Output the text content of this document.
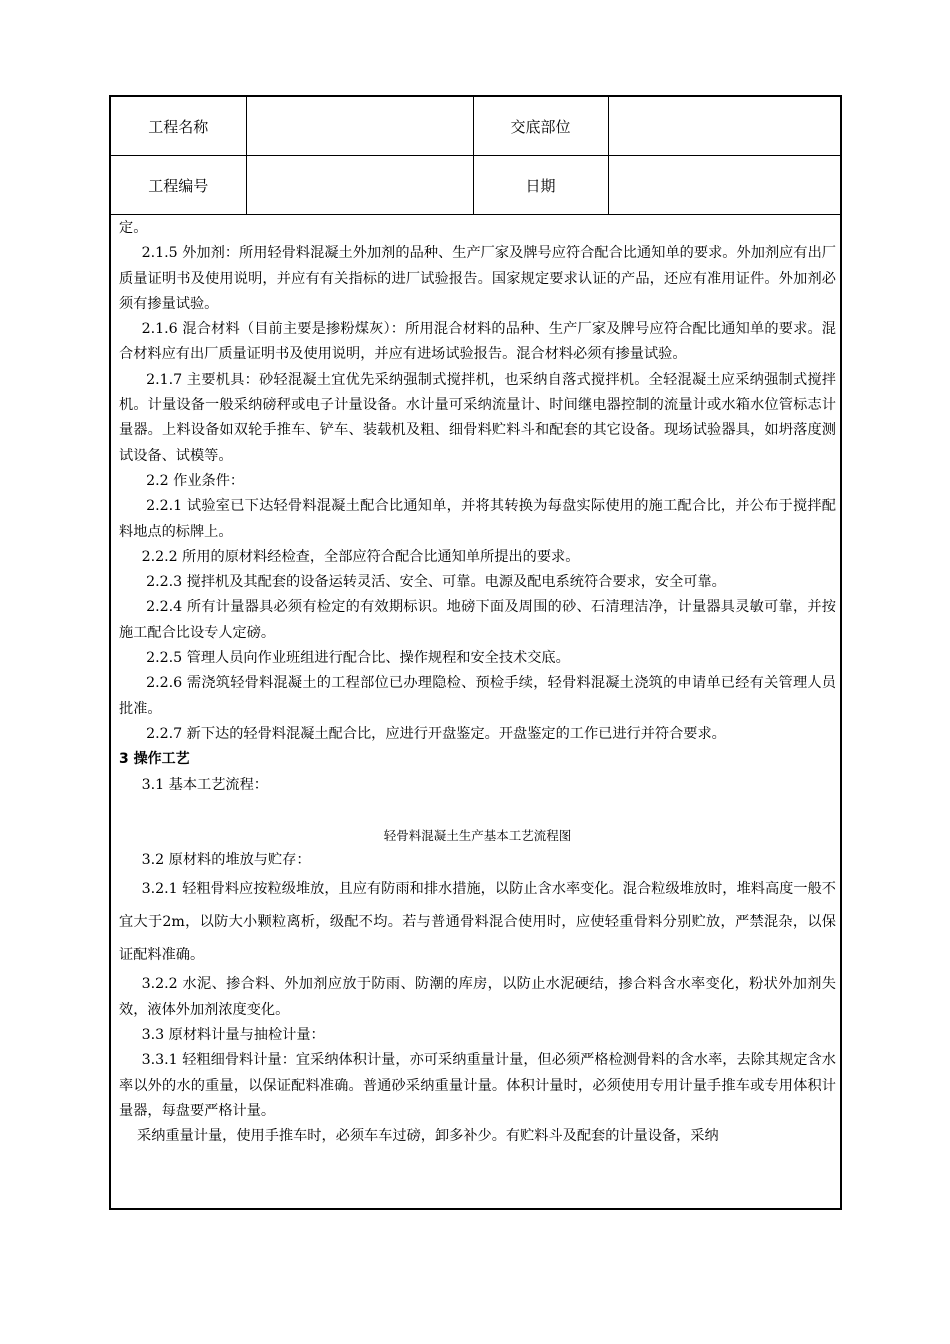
工程名称		交底部位	
工程编号		日期	

定。

2.1.5 外加剂：所用轻骨料混凝土外加剂的品种、生产厂家及牌号应符合配合比通知单的要求。外加剂应有出厂质量证明书及使用说明，并应有有关指标的进厂试验报告。国家规定要求认证的产品，还应有准用证件。外加剂必须有掺量试验。

2.1.6 混合材料（目前主要是掺粉煤灰）：所用混合材料的品种、生产厂家及牌号应符合配比通知单的要求。混合材料应有出厂质量证明书及使用说明，并应有进场试验报告。混合材料必须有掺量试验。

2.1.7 主要机具：砂轻混凝土宜优先采纳强制式搅拌机，也采纳自落式搅拌机。全轻混凝土应采纳强制式搅拌机。计量设备一般采纳磅秤或电子计量设备。水计量可采纳流量计、时间继电器控制的流量计或水箱水位管标志计量器。上料设备如双轮手推车、铲车、装载机及粗、细骨料贮料斗和配套的其它设备。现场试验器具，如坍落度测试设备、试模等。

2.2 作业条件：

2.2.1 试验室已下达轻骨料混凝土配合比通知单，并将其转换为每盘实际使用的施工配合比，并公布于搅拌配料地点的标牌上。

2.2.2 所用的原材料经检查，全部应符合配合比通知单所提出的要求。

2.2.3 搅拌机及其配套的设备运转灵活、安全、可靠。电源及配电系统符合要求，安全可靠。

2.2.4 所有计量器具必须有检定的有效期标识。地磅下面及周围的砂、石清理洁净，计量器具灵敏可靠，并按施工配合比设专人定磅。

2.2.5 管理人员向作业班组进行配合比、操作规程和安全技术交底。

2.2.6 需浇筑轻骨料混凝土的工程部位已办理隐检、预检手续，轻骨料混凝土浇筑的申请单已经有关管理人员批准。

2.2.7 新下达的轻骨料混凝土配合比，应进行开盘鉴定。开盘鉴定的工作已进行并符合要求。

3 操作工艺

3.1 基本工艺流程：

轻骨料混凝土生产基本工艺流程图

3.2 原材料的堆放与贮存：

3.2.1 轻粗骨料应按粒级堆放，且应有防雨和排水措施，以防止含水率变化。混合粒级堆放时，堆料高度一般不宜大于2m，以防大小颗粒离析，级配不均。若与普通骨料混合使用时，应使轻重骨料分别贮放，严禁混杂，以保证配料准确。

3.2.2 水泥、掺合料、外加剂应放于防雨、防潮的库房，以防止水泥硬结，掺合料含水率变化，粉状外加剂失效，液体外加剂浓度变化。

3.3 原材料计量与抽检计量：

3.3.1 轻粗细骨料计量：宜采纳体积计量，亦可采纳重量计量，但必须严格检测骨料的含水率，去除其规定含水率以外的水的重量，以保证配料准确。普通砂采纳重量计量。体积计量时，必须使用专用计量手推车或专用体积计量器，每盘要严格计量。

采纳重量计量，使用手推车时，必须车车过磅，卸多补少。有贮料斗及配套的计量设备，采纳
